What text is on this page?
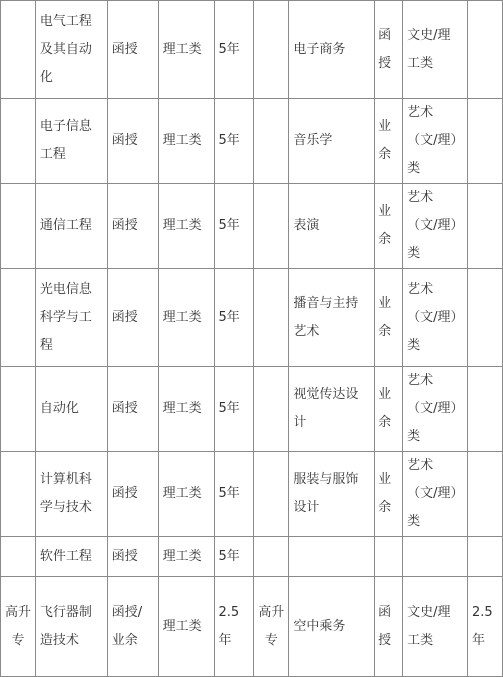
	电气工程及其自动化	函授	理工类	5年		电子商务	函授	文史/理工类	
	电子信息工程	函授	理工类	5年		音乐学	业余	艺术（文/理）类	
	通信工程	函授	理工类	5年		表演	业余	艺术（文/理）类	
	光电信息科学与工程	函授	理工类	5年		播音与主持艺术	业余	艺术（文/理）类	
	自动化	函授	理工类	5年		视觉传达设计	业余	艺术（文/理）类	
	计算机科学与技术	函授	理工类	5年		服装与服饰设计	业余	艺术（文/理）类	
	软件工程	函授	理工类	5年					
高升专	飞行器制造技术	函授/业余	理工类	2.5年	高升专	空中乘务	函授	文史/理工类	2.5年
